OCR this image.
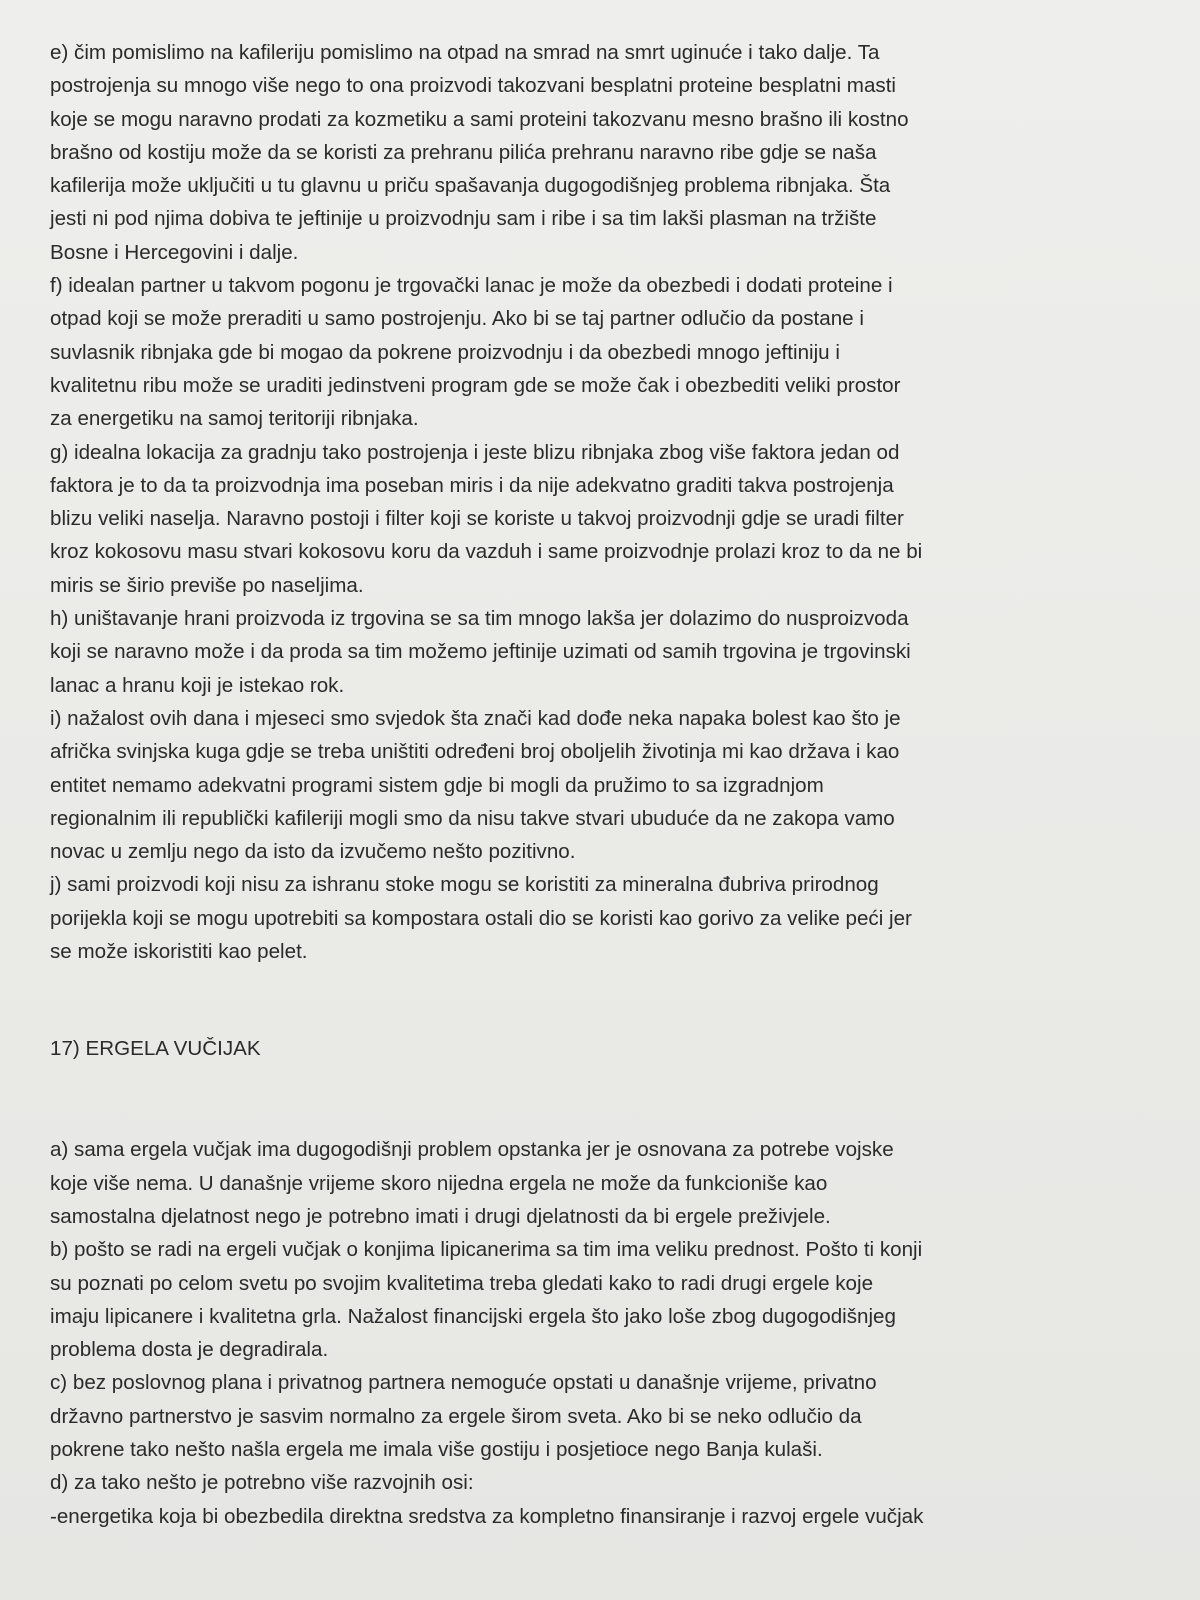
e) čim pomislimo na kafileriju pomislimo na otpad na smrad na smrt uginuće i tako dalje. Ta
postrojenja su mnogo više nego to ona proizvodi takozvani besplatni proteine besplatni masti
koje se mogu naravno prodati za kozmetiku a sami proteini takozvanu mesno brašno ili kostno
brašno od kostiju može da se koristi za prehranu pilića prehranu naravno ribe gdje se naša
kafilerija može uključiti u tu glavnu u priču spašavanja dugogodišnjeg problema ribnjaka. Šta
jesti ni pod njima dobiva te jeftinije u proizvodnju sam i ribe i sa tim lakši plasman na tržište
Bosne i Hercegovini i dalje.
f) idealan partner u takvom pogonu je trgovački lanac je može da obezbedi i dodati proteine i
otpad koji se može preraditi u samo postrojenju. Ako bi se taj partner odlučio da postane i
suvlasnik ribnjaka gde bi mogao da pokrene proizvodnju i da obezbedi mnogo jeftiniju i
kvalitetnu ribu može se uraditi jedinstveni program gde se može čak i obezbediti veliki prostor
za energetiku na samoj teritoriji ribnjaka.
g) idealna lokacija za gradnju tako postrojenja i jeste blizu ribnjaka zbog više faktora jedan od
faktora je to da ta proizvodnja ima poseban miris i da nije adekvatno graditi takva postrojenja
blizu veliki naselja. Naravno postoji i filter koji se koriste u takvoj proizvodnji gdje se uradi filter
kroz kokosovu masu stvari kokosovu koru da vazduh i same proizvodnje prolazi kroz to da ne bi
miris se širio previše po naseljima.
h) uništavanje hrani proizvoda iz trgovina se sa tim mnogo lakša jer dolazimo do nusproizvoda
koji se naravno može i da proda sa tim možemo jeftinije uzimati od samih trgovina je trgovinski
lanac a hranu koji je istekao rok.
i) nažalost ovih dana i mjeseci smo svjedok šta znači kad dođe neka napaka bolest kao što je
afrička svinjska kuga gdje se treba uništiti određeni broj oboljelih životinja mi kao država i kao
entitet nemamo adekvatni programi sistem gdje bi mogli da pružimo to sa izgradnjom
regionalnim ili republički kafileriji mogli smo da nisu takve stvari ubuduće da ne zakopa vamo
novac u zemlju nego da isto da izvučemo nešto pozitivno.
j) sami proizvodi koji nisu za ishranu stoke mogu se koristiti za mineralna đubriva prirodnog
porijekla koji se mogu upotrebiti sa kompostara ostali dio se koristi kao gorivo za velike peći jer
se može iskoristiti kao pelet.
17) ERGELA VUČIJAK
a) sama ergela vučjak ima dugogodišnji problem opstanka jer je osnovana za potrebe vojske
koje više nema. U današnje vrijeme skoro nijedna ergela ne može da funkcioniše kao
samostalna djelatnost nego je potrebno imati i drugi djelatnosti da bi ergele preživjele.
b) pošto se radi na ergeli vučjak o konjima lipicanerima sa tim ima veliku prednost. Pošto ti konji
su poznati po celom svetu po svojim kvalitetima treba gledati kako to radi drugi ergele koje
imaju lipicanere i kvalitetna grla. Nažalost financijski ergela što jako loše zbog dugogodišnjeg
problema dosta je degradirala.
c) bez poslovnog plana i privatnog partnera nemoguće opstati u današnje vrijeme, privatno
državno partnerstvo je sasvim normalno za ergele širom sveta. Ako bi se neko odlučio da
pokrene tako nešto našla ergela me imala više gostiju i posjetioce nego Banja kulaši.
d) za tako nešto je potrebno više razvojnih osi:
-energetika koja bi obezbedila direktna sredstva za kompletno finansiranje i razvoj ergele vučjak
